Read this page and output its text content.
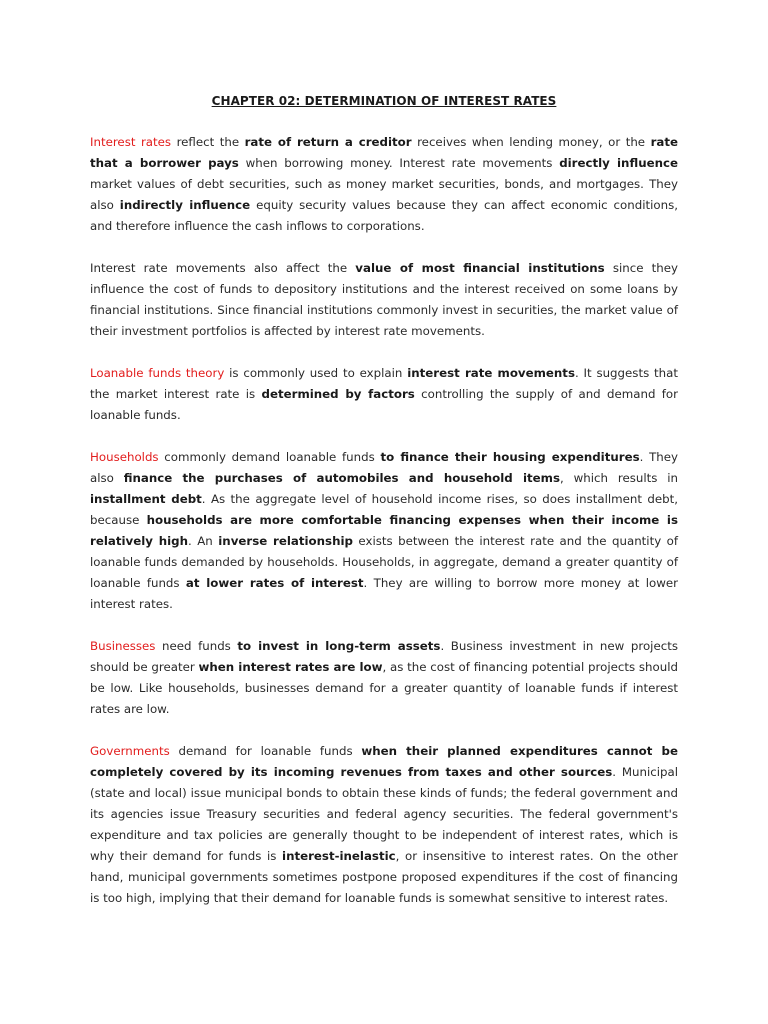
CHAPTER 02: DETERMINATION OF INTEREST RATES

Interest rates reflect the rate of return a creditor receives when lending money, or the rate that a borrower pays when borrowing money. Interest rate movements directly influence market values of debt securities, such as money market securities, bonds, and mortgages. They also indirectly influence equity security values because they can affect economic conditions, and therefore influence the cash inflows to corporations.

Interest rate movements also affect the value of most financial institutions since they influence the cost of funds to depository institutions and the interest received on some loans by financial institutions. Since financial institutions commonly invest in securities, the market value of their investment portfolios is affected by interest rate movements.

Loanable funds theory is commonly used to explain interest rate movements. It suggests that the market interest rate is determined by factors controlling the supply of and demand for loanable funds.

Households commonly demand loanable funds to finance their housing expenditures. They also finance the purchases of automobiles and household items, which results in installment debt. As the aggregate level of household income rises, so does installment debt, because households are more comfortable financing expenses when their income is relatively high. An inverse relationship exists between the interest rate and the quantity of loanable funds demanded by households. Households, in aggregate, demand a greater quantity of loanable funds at lower rates of interest. They are willing to borrow more money at lower interest rates.

Businesses need funds to invest in long-term assets. Business investment in new projects should be greater when interest rates are low, as the cost of financing potential projects should be low. Like households, businesses demand for a greater quantity of loanable funds if interest rates are low.

Governments demand for loanable funds when their planned expenditures cannot be completely covered by its incoming revenues from taxes and other sources. Municipal (state and local) issue municipal bonds to obtain these kinds of funds; the federal government and its agencies issue Treasury securities and federal agency securities. The federal government's expenditure and tax policies are generally thought to be independent of interest rates, which is why their demand for funds is interest-inelastic, or insensitive to interest rates. On the other hand, municipal governments sometimes postpone proposed expenditures if the cost of financing is too high, implying that their demand for loanable funds is somewhat sensitive to interest rates.
